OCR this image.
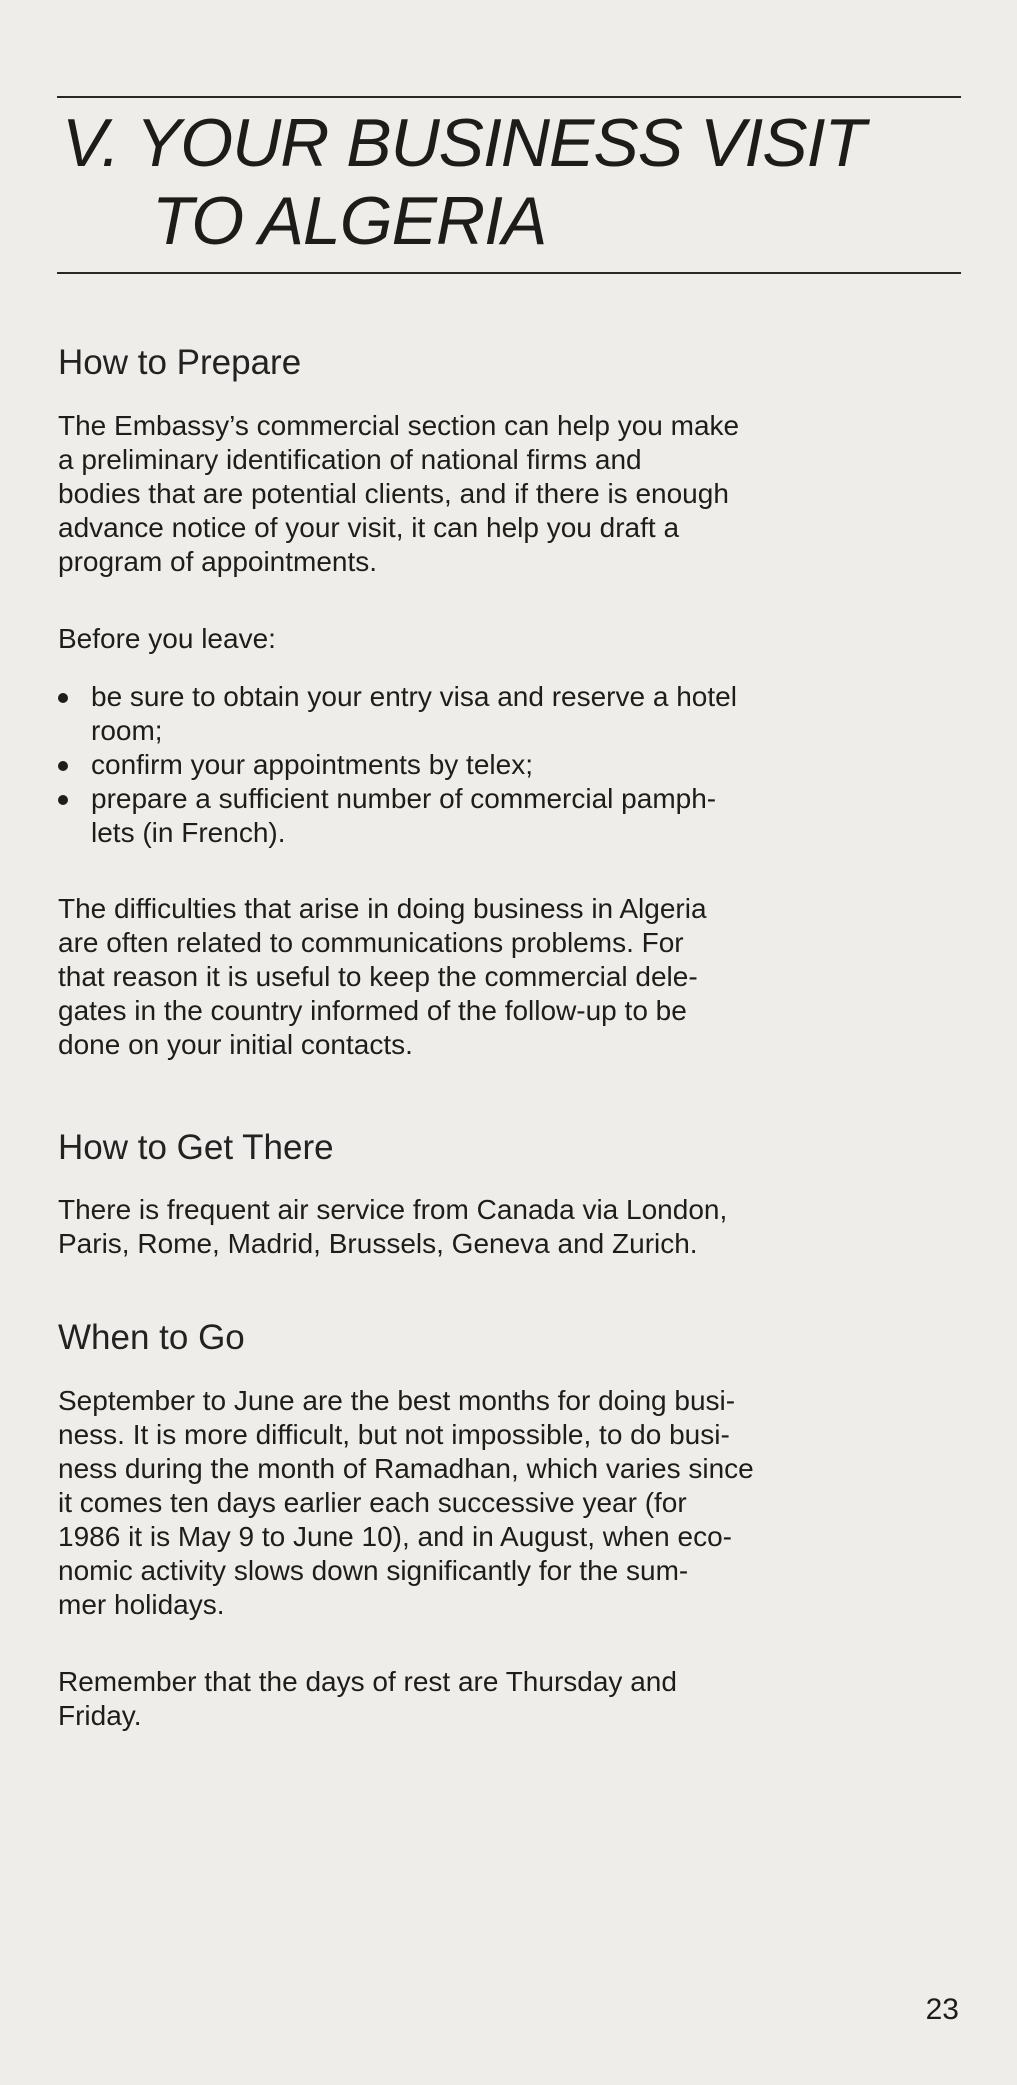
V. YOUR BUSINESS VISIT
TO ALGERIA
How to Prepare

The Embassy’s commercial section can help you make
a preliminary identification of national firms and
bodies that are potential clients, and if there is enough
advance notice of your visit, it can help you draft a
program of appointments.

Before you leave:

be sure to obtain your entry visa and reserve a hotel
room;
confirm your appointments by telex;
prepare a sufficient number of commercial pamph-
lets (in French).

The difficulties that arise in doing business in Algeria
are often related to communications problems. For
that reason it is useful to keep the commercial dele-
gates in the country informed of the follow-up to be
done on your initial contacts.

How to Get There

There is frequent air service from Canada via London,
Paris, Rome, Madrid, Brussels, Geneva and Zurich.

When to Go

September to June are the best months for doing busi-
ness. It is more difficult, but not impossible, to do busi-
ness during the month of Ramadhan, which varies since
it comes ten days earlier each successive year (for
1986 it is May 9 to June 10), and in August, when eco-
nomic activity slows down significantly for the sum-
mer holidays.

Remember that the days of rest are Thursday and
Friday.

23
